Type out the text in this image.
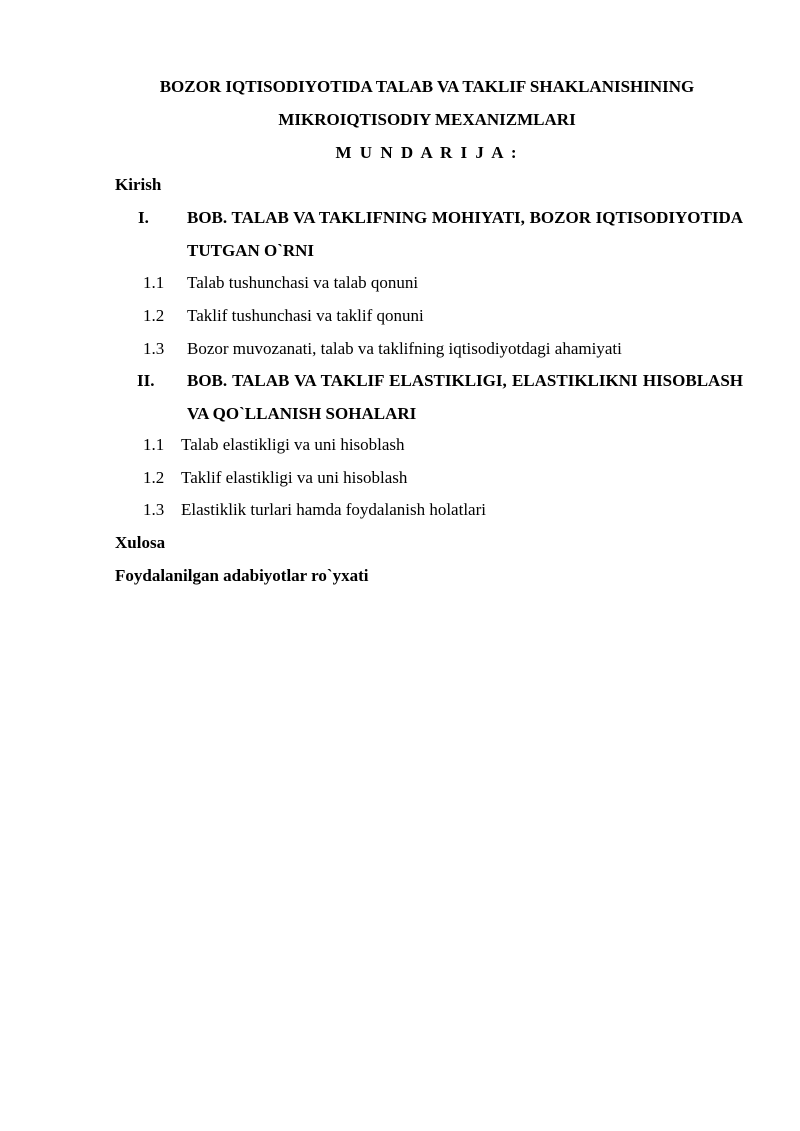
BOZOR IQTISODIYOTIDA TALAB VA TAKLIF SHAKLANISHINING
MIKROIQTISODIY MEXANIZMLARI
M U N D A R I J A :
Kirish
I. BOB. TALAB VA TAKLIFNING MOHIYATI, BOZOR IQTISODIYOTIDA TUTGAN O`RNI
1.1 Talab tushunchasi va talab qonuni
1.2 Taklif tushunchasi va taklif qonuni
1.3 Bozor muvozanati, talab va taklifning iqtisodiyotdagi ahamiyati
II. BOB. TALAB VA TAKLIF ELASTIKLIGI, ELASTIKLIKNI HISOBLASH VA QO`LLANISH SOHALARI
1.1 Talab elastikligi va uni hisoblash
1.2 Taklif elastikligi va uni hisoblash
1.3 Elastiklik turlari hamda foydalanish holatlari
Xulosa
Foydalanilgan adabiyotlar ro`yxati
